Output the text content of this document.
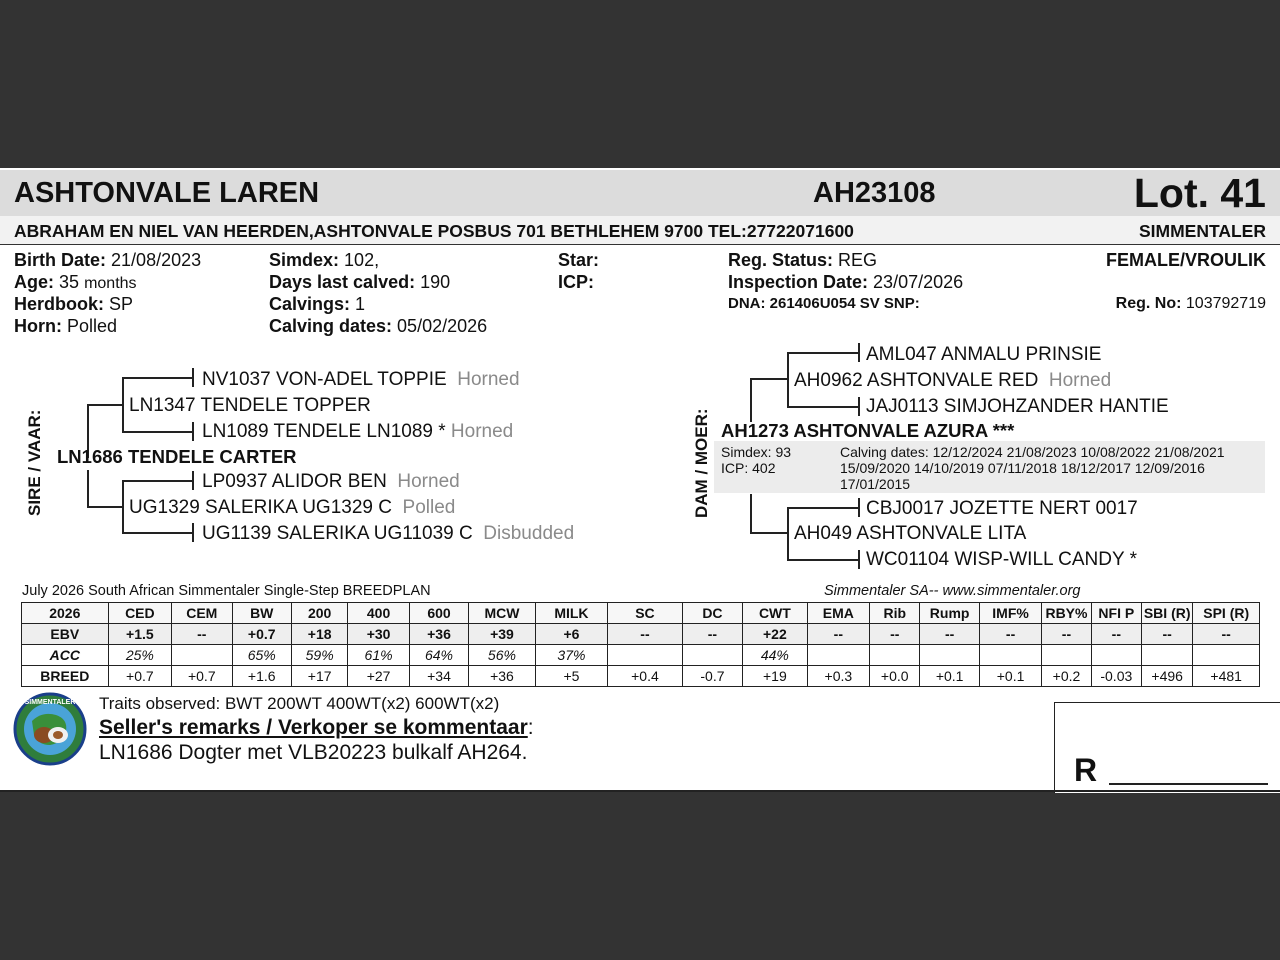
ASHTONVALE LAREN	AH23108	Lot. 41
ABRAHAM EN NIEL VAN HEERDEN,ASHTONVALE POSBUS 701 BETHLEHEM 9700 TEL:27722071600	SIMMENTALER
Birth Date: 21/08/2023
Age: 35 months
Herdbook: SP
Horn: Polled
Simdex: 102,
Days last calved: 190
Calvings: 1
Calving dates: 05/02/2026
Star:
ICP:
Reg. Status: REG
Inspection Date: 23/07/2026
DNA: 261406U054 SV SNP:
FEMALE/VROULIK
Reg. No: 103792719
SIRE / VAAR:
NV1037 VON-ADEL TOPPIE Horned
LN1347 TENDELE TOPPER
LN1089 TENDELE LN1089 * Horned
LN1686 TENDELE CARTER
LP0937 ALIDOR BEN Horned
UG1329 SALERIKA UG1329 C Polled
UG1139 SALERIKA UG11039 C Disbudded
DAM / MOER:
AML047 ANMALU PRINSIE
AH0962 ASHTONVALE RED Horned
JAJ0113 SIMJOHZANDER HANTIE
AH1273 ASHTONVALE AZURA ***
Simdex: 93
ICP: 402
Calving dates: 12/12/2024 21/08/2023 10/08/2022 21/08/2021
15/09/2020 14/10/2019 07/11/2018 18/12/2017 12/09/2016
17/01/2015
CBJ0017 JOZETTE NERT 0017
AH049 ASHTONVALE LITA
WC01104 WISP-WILL CANDY *
July 2026 South African Simmentaler Single-Step BREEDPLAN	Simmentaler SA-- www.simmentaler.org
2026	CED	CEM	BW	200	400	600	MCW	MILK	SC	DC	CWT	EMA	Rib	Rump	IMF%	RBY%	NFI P	SBI (R)	SPI (R)
EBV	+1.5	--	+0.7	+18	+30	+36	+39	+6	--	--	+22	--	--	--	--	--	--	--	--
ACC	25%		65%	59%	61%	64%	56%	37%			44%								
BREED	+0.7	+0.7	+1.6	+17	+27	+34	+36	+5	+0.4	-0.7	+19	+0.3	+0.0	+0.1	+0.1	+0.2	-0.03	+496	+481
SIMMENTALER Traits observed: BWT 200WT 400WT(x2) 600WT(x2)
Seller's remarks / Verkoper se kommentaar:
LN1686 Dogter met VLB20223 bulkalf AH264.	R
